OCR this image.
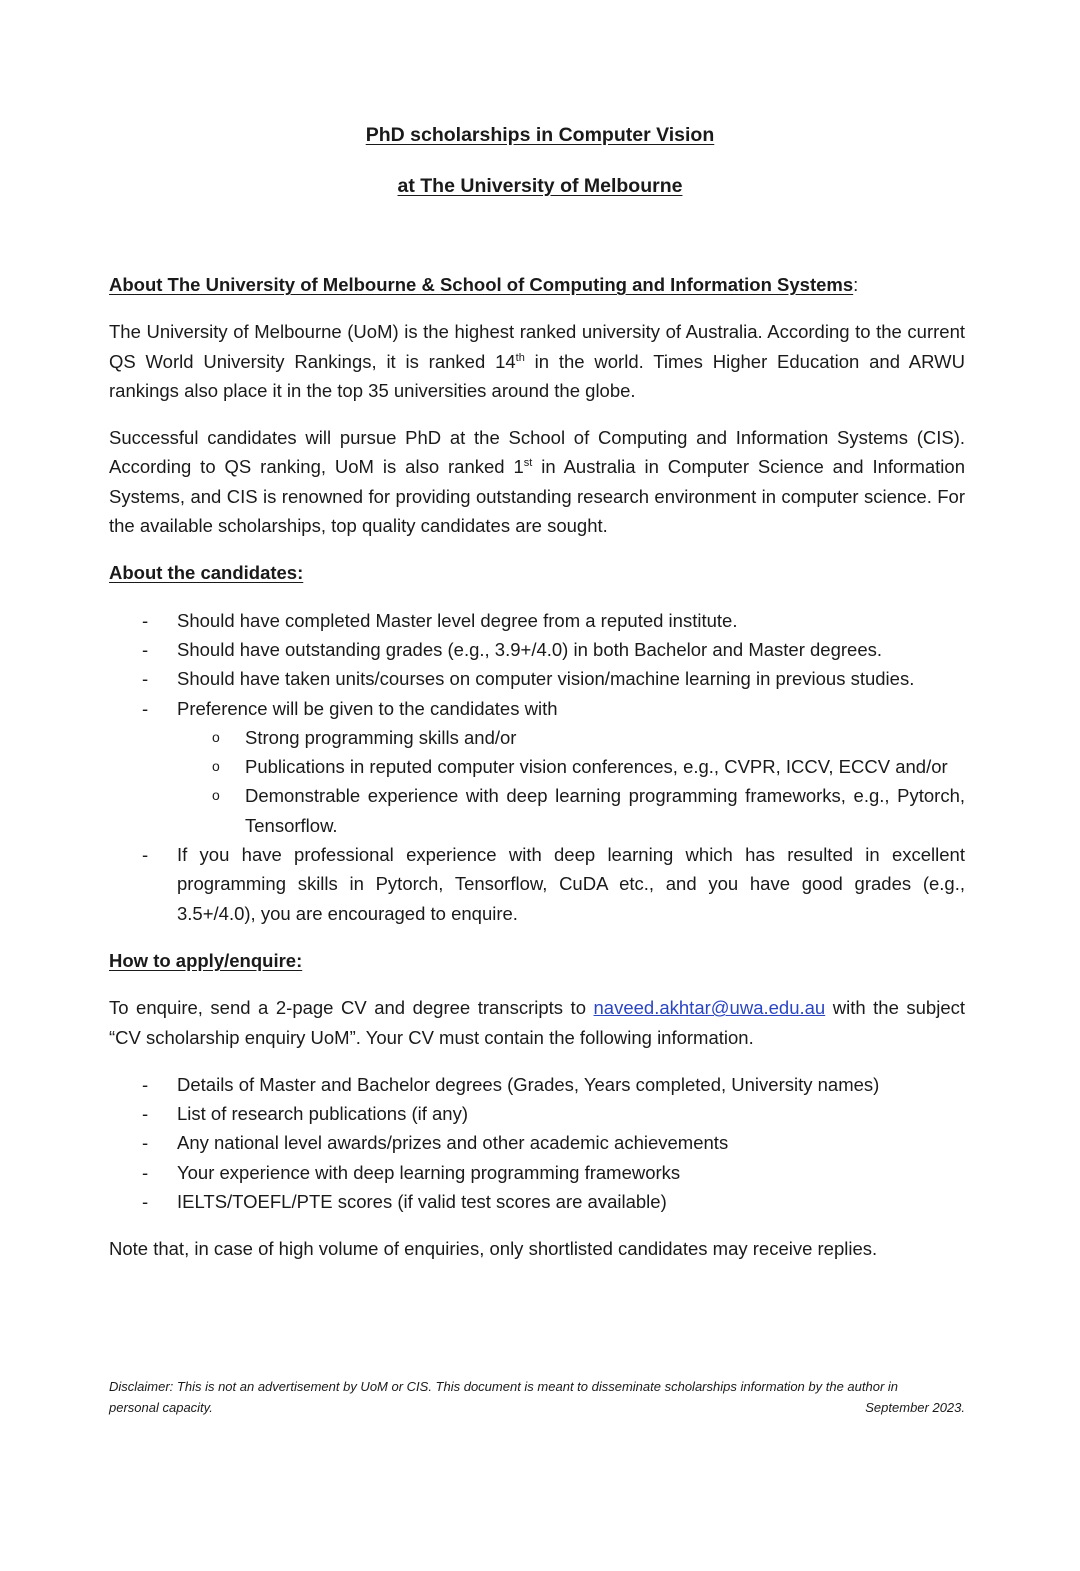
PhD scholarships in Computer Vision
at The University of Melbourne

About The University of Melbourne & School of Computing and Information Systems:

The University of Melbourne (UoM) is the highest ranked university of Australia. According to the current QS World University Rankings, it is ranked 14th in the world. Times Higher Education and ARWU rankings also place it in the top 35 universities around the globe.

Successful candidates will pursue PhD at the School of Computing and Information Systems (CIS). According to QS ranking, UoM is also ranked 1st in Australia in Computer Science and Information Systems, and CIS is renowned for providing outstanding research environment in computer science. For the available scholarships, top quality candidates are sought.

About the candidates:

- Should have completed Master level degree from a reputed institute.
- Should have outstanding grades (e.g., 3.9+/4.0) in both Bachelor and Master degrees.
- Should have taken units/courses on computer vision/machine learning in previous studies.
- Preference will be given to the candidates with
o Strong programming skills and/or
o Publications in reputed computer vision conferences, e.g., CVPR, ICCV, ECCV and/or
o Demonstrable experience with deep learning programming frameworks, e.g., Pytorch, Tensorflow.
- If you have professional experience with deep learning which has resulted in excellent programming skills in Pytorch, Tensorflow, CuDA etc., and you have good grades (e.g., 3.5+/4.0), you are encouraged to enquire.

How to apply/enquire:

To enquire, send a 2-page CV and degree transcripts to naveed.akhtar@uwa.edu.au with the subject “CV scholarship enquiry UoM”. Your CV must contain the following information.

- Details of Master and Bachelor degrees (Grades, Years completed, University names)
- List of research publications (if any)
- Any national level awards/prizes and other academic achievements
- Your experience with deep learning programming frameworks
- IELTS/TOEFL/PTE scores (if valid test scores are available)

Note that, in case of high volume of enquiries, only shortlisted candidates may receive replies.

Disclaimer: This is not an advertisement by UoM or CIS. This document is meant to disseminate scholarships information by the author in
personal capacity.	September 2023.
